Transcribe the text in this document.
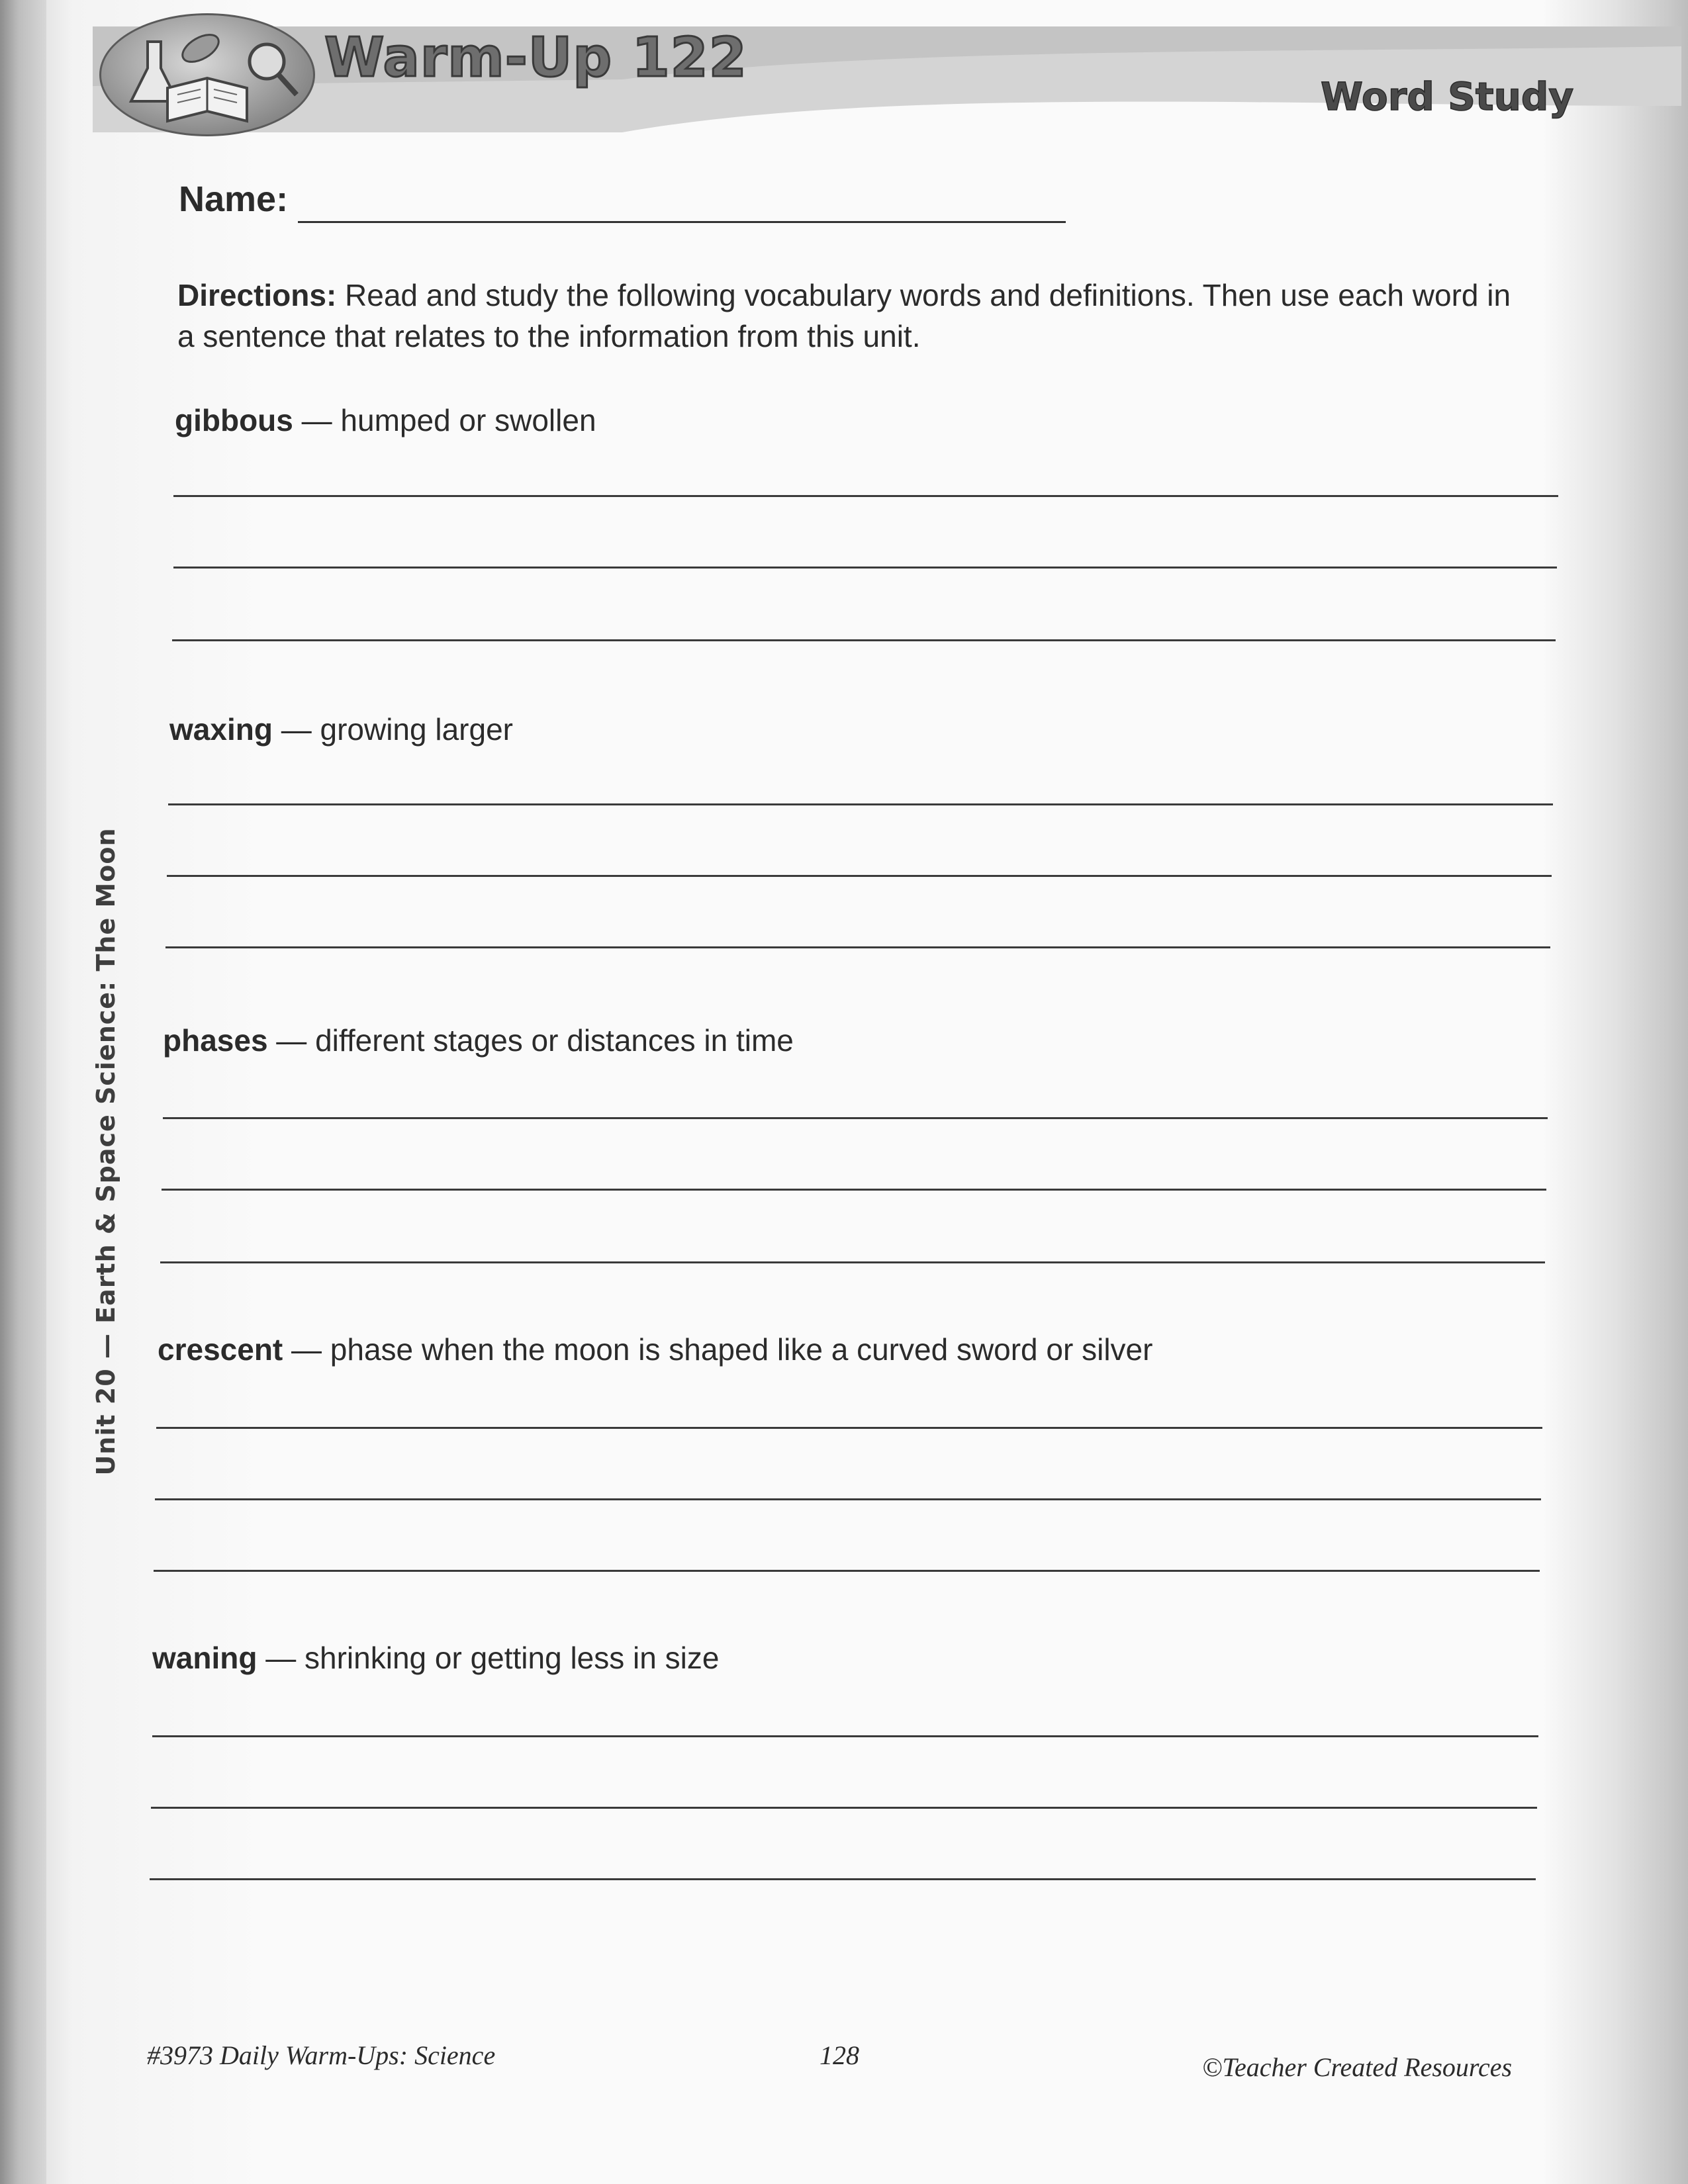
Warm-Up 122
Word Study
Name:
Directions: Read and study the following vocabulary words and definitions. Then use each word in a sentence that relates to the information from this unit.
gibbous — humped or swollen
waxing — growing larger
phases — different stages or distances in time
crescent — phase when the moon is shaped like a curved sword or silver
waning — shrinking or getting less in size
Unit 20 — Earth & Space Science: The Moon
#3973 Daily Warm-Ups: Science	128	©Teacher Created Resources
